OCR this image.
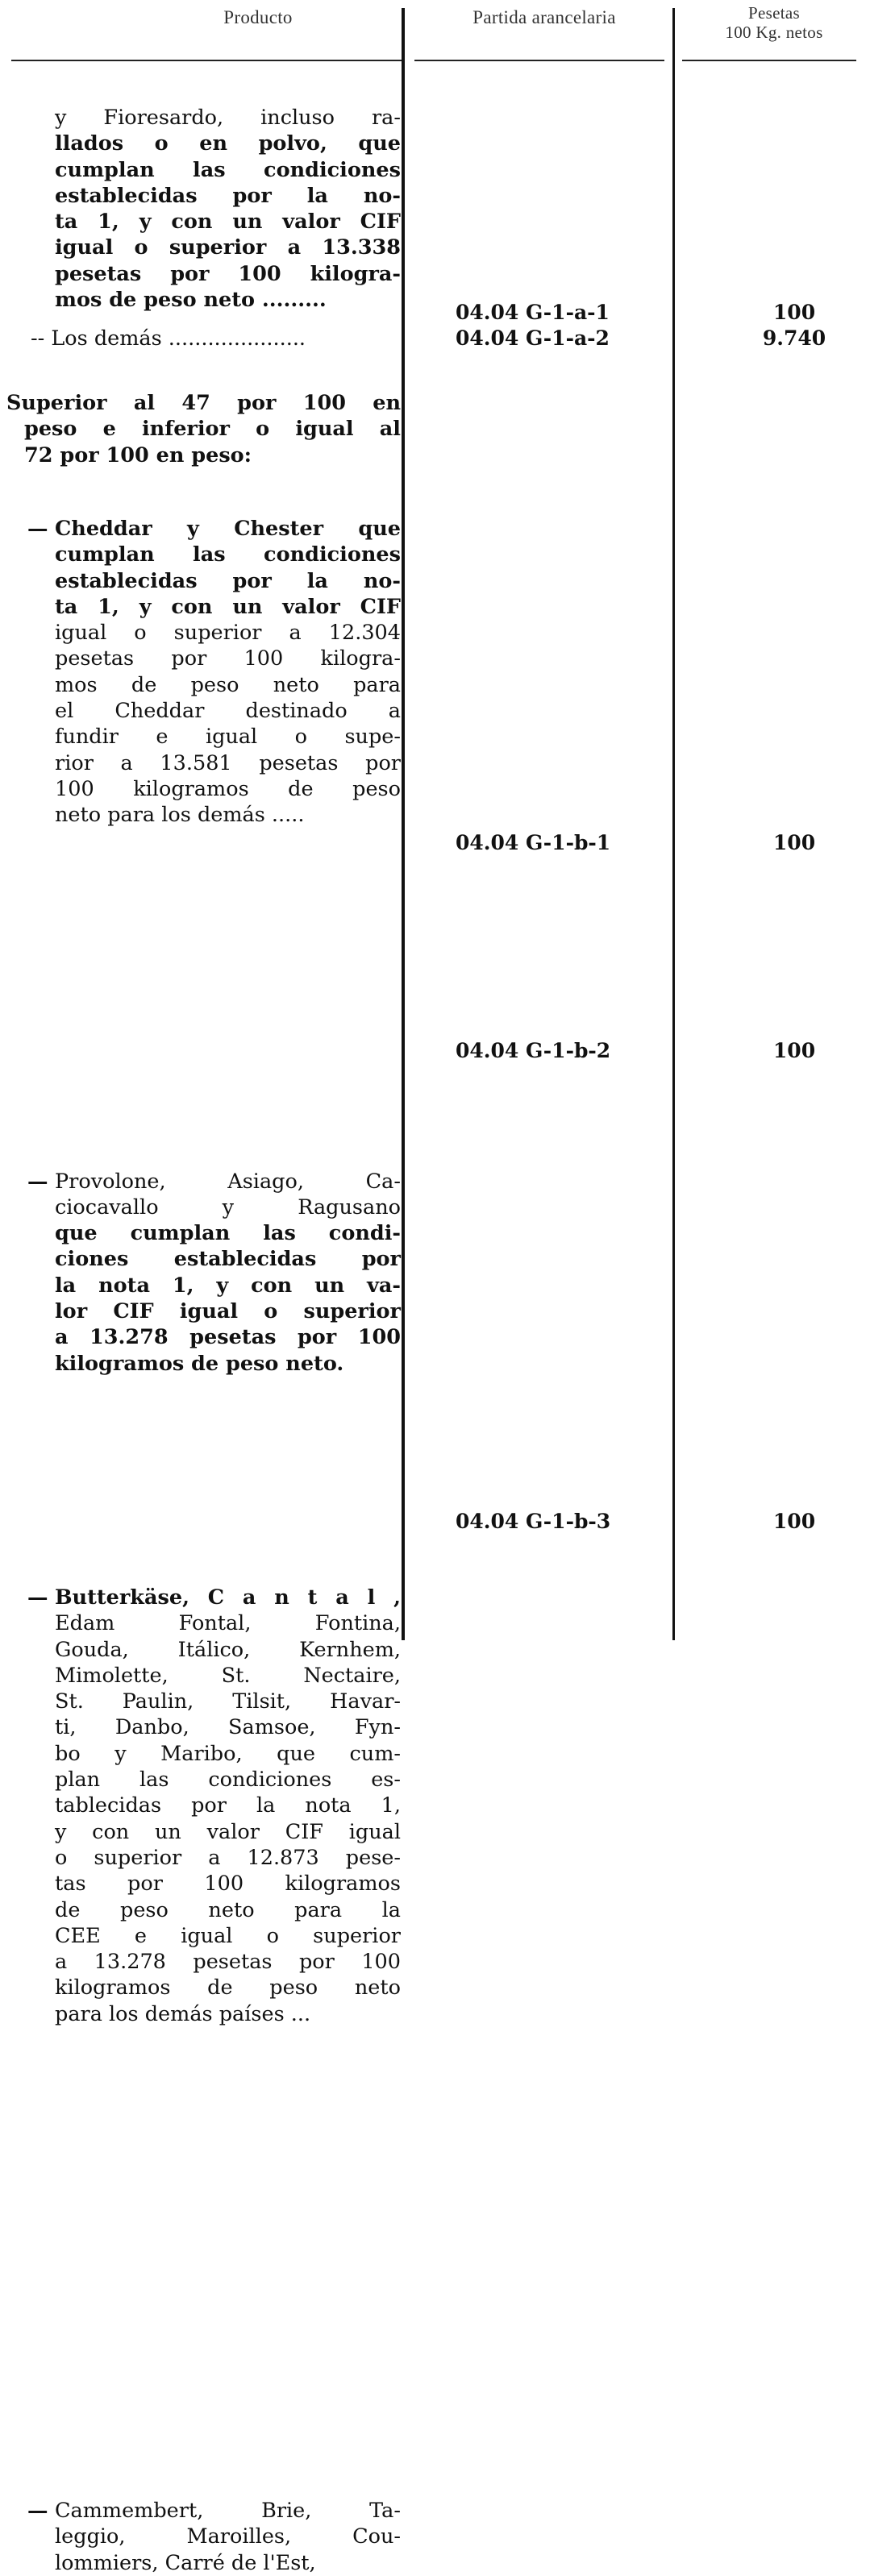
Producto	Partida arancelaria	Pesetas
100 Kg. netos
y Fioresardo, incluso ra-
llados o en polvo, que
cumplan las condiciones
establecidas por la no-
ta 1, y con un valor CIF
igual o superior a 13.338
pesetas por 100 kilogra-
mos de peso neto .........
04.04 G-1-a-1	100
-- Los demás .....................	04.04 G-1-a-2	9.740
Superior al 47 por 100 en
peso e inferior o igual al
72 por 100 en peso:
— Cheddar y Chester que
cumplan las condiciones
establecidas por la no-
ta 1, y con un valor CIF
igual o superior a 12.304
pesetas por 100 kilogra-
mos de peso neto para
el Cheddar destinado a
fundir e igual o supe-
rior a 13.581 pesetas por
100 kilogramos de peso
neto para los demás .....
04.04 G-1-b-1	100
— Provolone, Asiago, Ca-
ciocavallo y Ragusano
que cumplan las condi-
ciones establecidas por
la nota 1, y con un va-
lor CIF igual o superior
a 13.278 pesetas por 100
kilogramos de peso neto.
04.04 G-1-b-2	100
— Butterkäse, C a n t a l ,
Edam Fontal, Fontina,
Gouda, Itálico, Kernhem,
Mimolette, St. Nectaire,
St. Paulin, Tilsit, Havar-
ti, Danbo, Samsoe, Fyn-
bo y Maribo, que cum-
plan las condiciones es-
tablecidas por la nota 1,
y con un valor CIF igual
o superior a 12.873 pese-
tas por 100 kilogramos
de peso neto para la
CEE e igual o superior
a 13.278 pesetas por 100
kilogramos de peso neto
para los demás países ...
04.04 G-1-b-3	100
— Cammembert, Brie, Ta-
leggio, Maroilles, Cou-
lommiers, Carré de l'Est,
